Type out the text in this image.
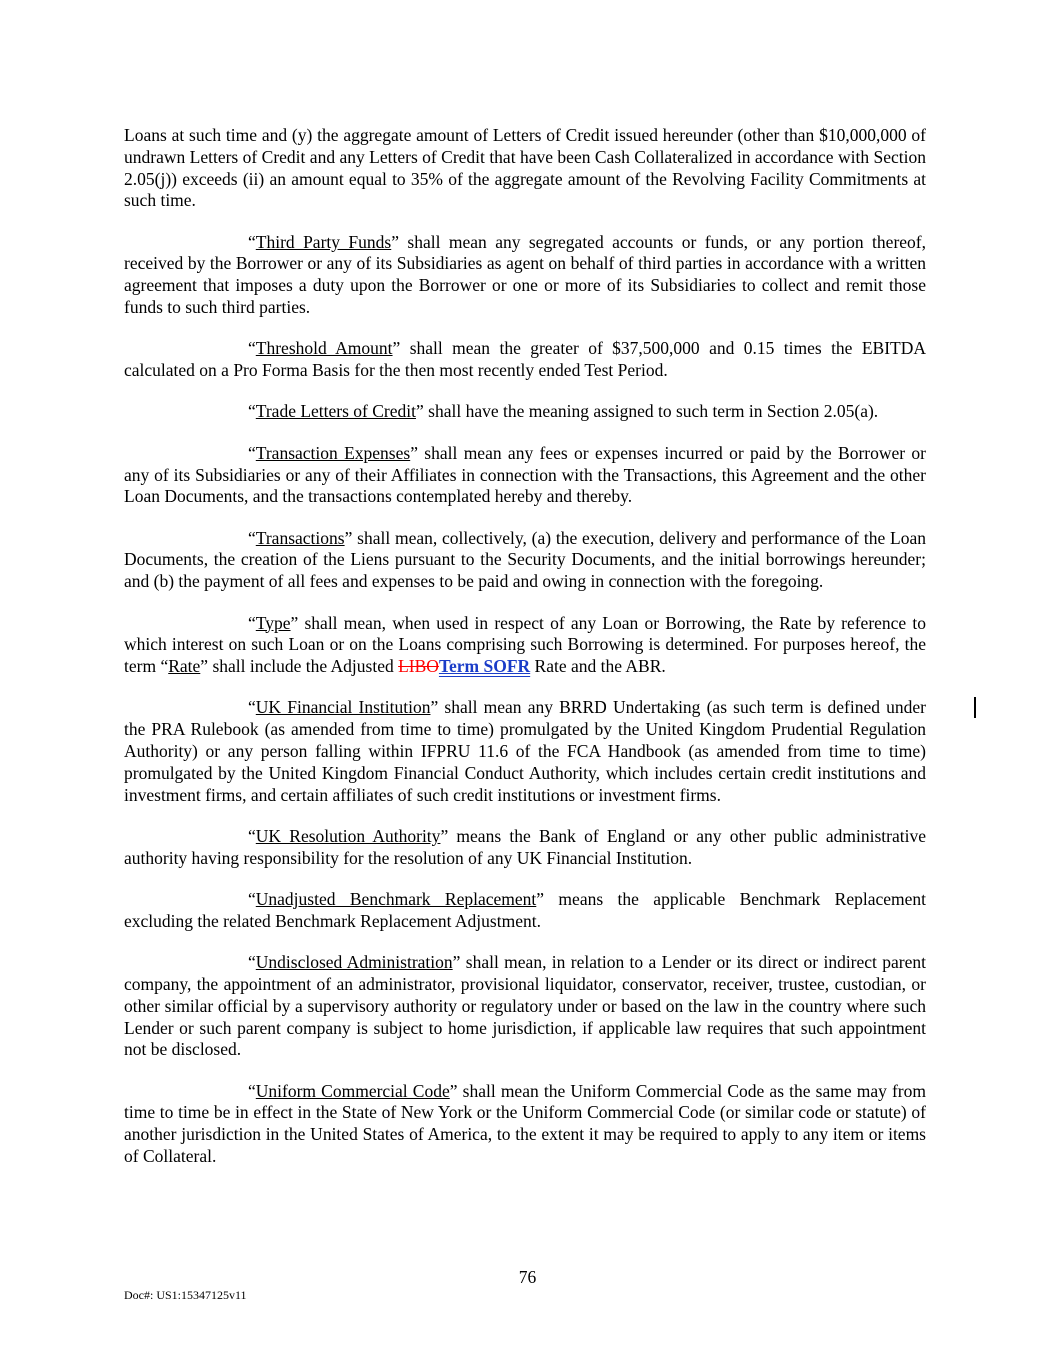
Loans at such time and (y) the aggregate amount of Letters of Credit issued hereunder (other than $10,000,000 of undrawn Letters of Credit and any Letters of Credit that have been Cash Collateralized in accordance with Section 2.05(j)) exceeds (ii) an amount equal to 35% of the aggregate amount of the Revolving Facility Commitments at such time.

“Third Party Funds” shall mean any segregated accounts or funds, or any portion thereof, received by the Borrower or any of its Subsidiaries as agent on behalf of third parties in accordance with a written agreement that imposes a duty upon the Borrower or one or more of its Subsidiaries to collect and remit those funds to such third parties.

“Threshold Amount” shall mean the greater of $37,500,000 and 0.15 times the EBITDA calculated on a Pro Forma Basis for the then most recently ended Test Period.

“Trade Letters of Credit” shall have the meaning assigned to such term in Section 2.05(a).

“Transaction Expenses” shall mean any fees or expenses incurred or paid by the Borrower or any of its Subsidiaries or any of their Affiliates in connection with the Transactions, this Agreement and the other Loan Documents, and the transactions contemplated hereby and thereby.

“Transactions” shall mean, collectively, (a) the execution, delivery and performance of the Loan Documents, the creation of the Liens pursuant to the Security Documents, and the initial borrowings hereunder; and (b) the payment of all fees and expenses to be paid and owing in connection with the foregoing.

“Type” shall mean, when used in respect of any Loan or Borrowing, the Rate by reference to which interest on such Loan or on the Loans comprising such Borrowing is determined. For purposes hereof, the term “Rate” shall include the Adjusted LIBOTerm SOFR Rate and the ABR.

“UK Financial Institution” shall mean any BRRD Undertaking (as such term is defined under the PRA Rulebook (as amended from time to time) promulgated by the United Kingdom Prudential Regulation Authority) or any person falling within IFPRU 11.6 of the FCA Handbook (as amended from time to time) promulgated by the United Kingdom Financial Conduct Authority, which includes certain credit institutions and investment firms, and certain affiliates of such credit institutions or investment firms.

“UK Resolution Authority” means the Bank of England or any other public administrative authority having responsibility for the resolution of any UK Financial Institution.

“Unadjusted Benchmark Replacement” means the applicable Benchmark Replacement excluding the related Benchmark Replacement Adjustment.

“Undisclosed Administration” shall mean, in relation to a Lender or its direct or indirect parent company, the appointment of an administrator, provisional liquidator, conservator, receiver, trustee, custodian, or other similar official by a supervisory authority or regulatory under or based on the law in the country where such Lender or such parent company is subject to home jurisdiction, if applicable law requires that such appointment not be disclosed.

“Uniform Commercial Code” shall mean the Uniform Commercial Code as the same may from time to time be in effect in the State of New York or the Uniform Commercial Code (or similar code or statute) of another jurisdiction in the United States of America, to the extent it may be required to apply to any item or items of Collateral.

76
Doc#: US1:15347125v11
